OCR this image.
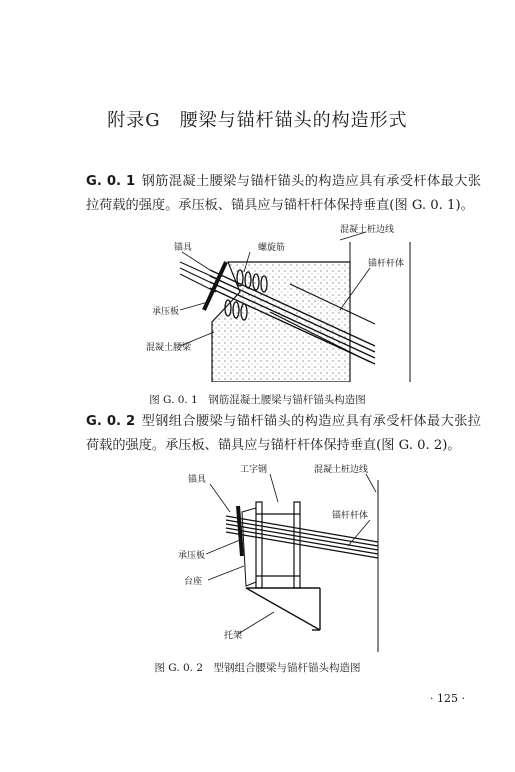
附录G　腰梁与锚杆锚头的构造形式
G. 0. 1 钢筋混凝土腰梁与锚杆锚头的构造应具有承受杆体最大张拉荷载的强度。承压板、锚具应与锚杆杆体保持垂直(图 G. 0. 1)。
锚具	螺旋筋
混凝土桩边线
锚杆杆体
承压板
混凝土腰梁
图 G. 0. 1　钢筋混凝土腰梁与锚杆锚头构造图
G. 0. 2 型钢组合腰梁与锚杆锚头的构造应具有承受杆体最大张拉荷载的强度。承压板、锚具应与锚杆杆体保持垂直(图 G. 0. 2)。
工字钢
锚具
混凝土桩边线
锚杆杆体
承压板
台座
托架
图 G. 0. 2　型钢组合腰梁与锚杆锚头构造图
· 125 ·
